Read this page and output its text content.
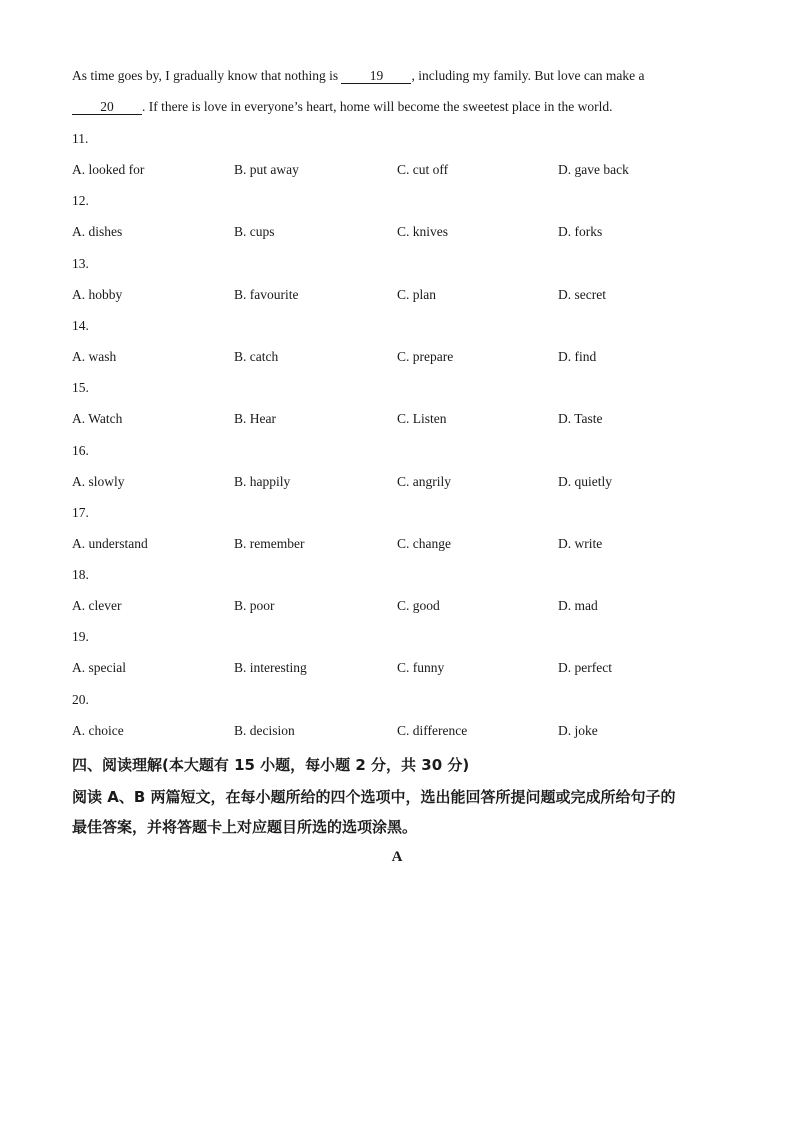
As time goes by, I gradually know that nothing is 19 , including my family. But love can make a
20 . If there is love in everyone’s heart, home will become the sweetest place in the world.
11.
A. looked for	B. put away	C. cut off	D. gave back
12.
A. dishes	B. cups	C. knives	D. forks
13.
A. hobby	B. favourite	C. plan	D. secret
14.
A. wash	B. catch	C. prepare	D. find
15.
A. Watch	B. Hear	C. Listen	D. Taste
16.
A. slowly	B. happily	C. angrily	D. quietly
17.
A. understand	B. remember	C. change	D. write
18.
A. clever	B. poor	C. good	D. mad
19.
A. special	B. interesting	C. funny	D. perfect
20.
A. choice	B. decision	C. difference	D. joke
四、阅读理解(本大题有 15 小题，每小题 2 分，共 30 分)
阅读 A、B 两篇短文，在每小题所给的四个选项中，选出能回答所提问题或完成所给句子的
最佳答案，并将答题卡上对应题目所选的选项涂黑。
A
